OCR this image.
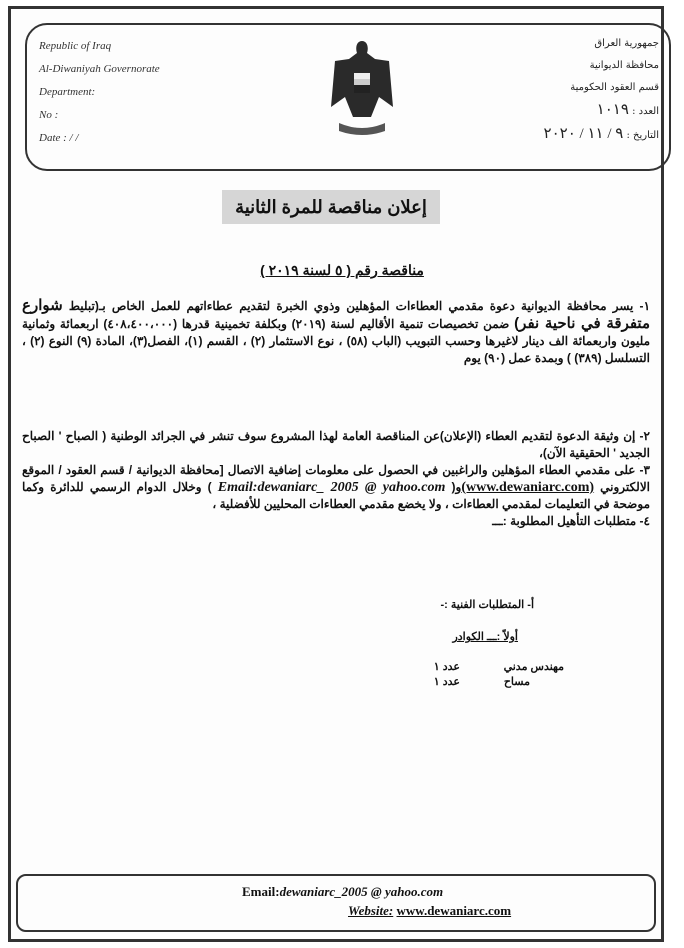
Republic of Iraq
Al-Diwaniyah Governorate
Department:
No :
Date : / /
جمهورية العراق
محافظة الديوانية
قسم العقود الحكومية
العدد : ١٠١٩
التاريخ : ٩ / ١١ / ٢٠٢٠
إعلان مناقصة للمرة الثانية
مناقصة رقم ( ٥ لسنة ٢٠١٩ )
١- يسر محافظة الديوانية دعوة مقدمي العطاءات المؤهلين وذوي الخبرة لتقديم عطاءاتهم للعمل الخاص بـ(تبليط شوارع متفرقة في ناحية نفر) ضمن تخصيصات تنمية الأقاليم لسنة (٢٠١٩) وبكلفة تخمينية قدرها (٤٠٨،٤٠٠،٠٠٠) اربعمائة وثمانية مليون واربعمائة الف دينار لاغيرها وحسب التبويب (الباب (٥٨) ، نوع الاستثمار (٢) ، القسم (١)، الفصل(٣)، المادة (٩) النوع (٢) ، التسلسل (٣٨٩) ) وبمدة عمل (٩٠) يوم
٢- إن وثيقة الدعوة لتقديم العطاء (الإعلان)عن المناقصة العامة لهذا المشروع سوف تنشر في الجرائد الوطنية ( الصباح ' الصباح الجديد ' الحقيقية الآن)،
٣- على مقدمي العطاء المؤهلين والراغبين في الحصول على معلومات إضافية الاتصال [محافظة الديوانية / قسم العقود / الموقع الالكتروني (www.dewaniarc.com)و( Email:dewaniarc_ 2005 @ yahoo.com ) وخلال الدوام الرسمي للدائرة وكما موضحة في التعليمات لمقدمي العطاءات ، ولا يخضع مقدمي العطاءات المحليين للأفضلية ،
٤- متطلبات التأهيل المطلوبة :ـــ
أ- المتطلبات الفنية :-
أولاً :ـــ الكوادر
مهندس مدني
عدد ١
مساح
عدد ١
Email:dewaniarc_2005 @ yahoo.com
Website: www.dewaniarc.com
